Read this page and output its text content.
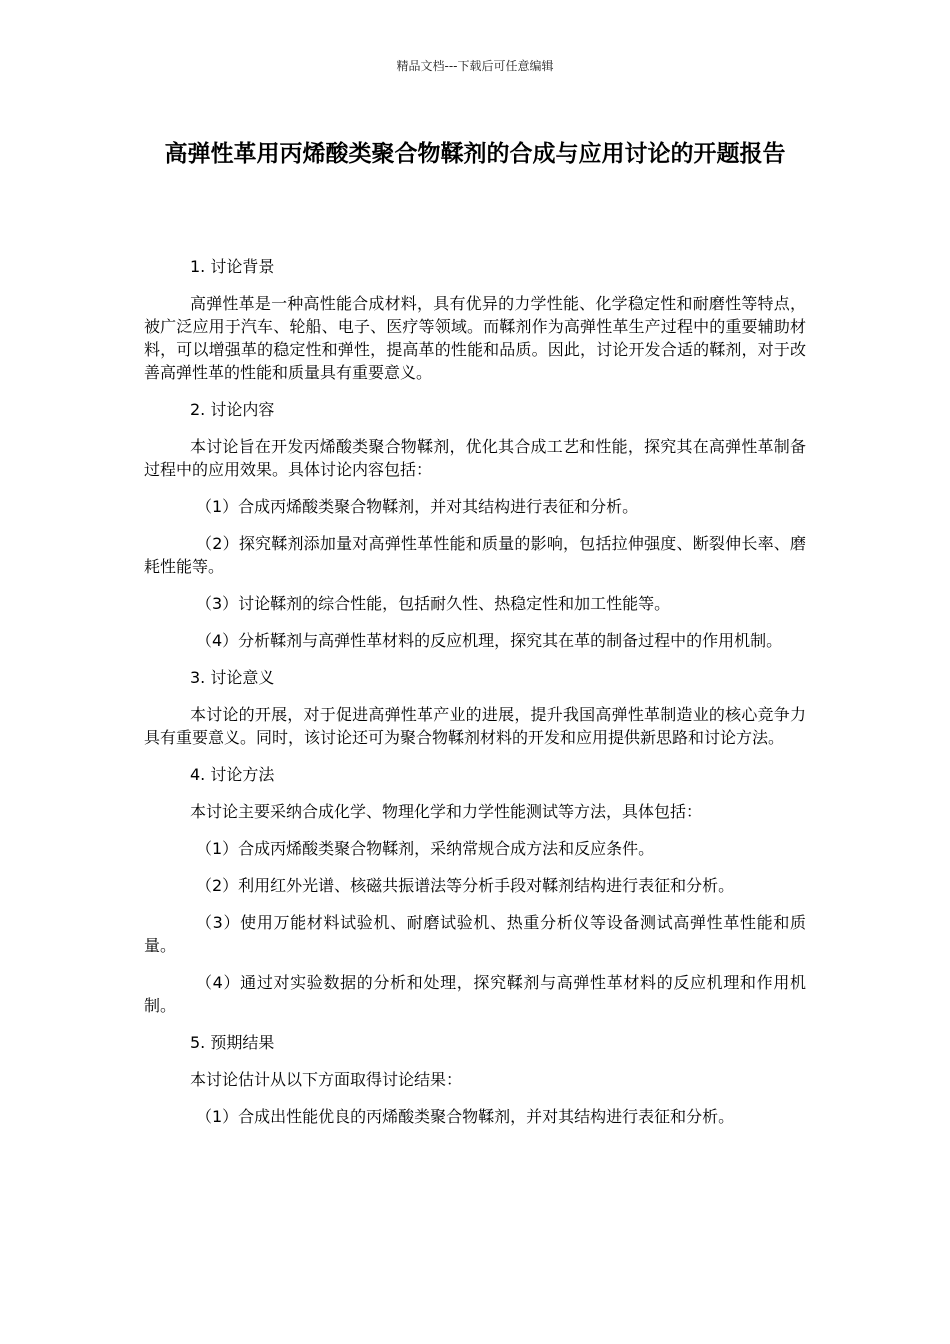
精品文档---下载后可任意编辑
高弹性革用丙烯酸类聚合物鞣剂的合成与应用讨论的开题报告

1. 讨论背景

高弹性革是一种高性能合成材料，具有优异的力学性能、化学稳定性和耐磨性等特点，被广泛应用于汽车、轮船、电子、医疗等领域。而鞣剂作为高弹性革生产过程中的重要辅助材料，可以增强革的稳定性和弹性，提高革的性能和品质。因此，讨论开发合适的鞣剂，对于改善高弹性革的性能和质量具有重要意义。

2. 讨论内容

本讨论旨在开发丙烯酸类聚合物鞣剂，优化其合成工艺和性能，探究其在高弹性革制备过程中的应用效果。具体讨论内容包括：

（1）合成丙烯酸类聚合物鞣剂，并对其结构进行表征和分析。

（2）探究鞣剂添加量对高弹性革性能和质量的影响，包括拉伸强度、断裂伸长率、磨耗性能等。

（3）讨论鞣剂的综合性能，包括耐久性、热稳定性和加工性能等。

（4）分析鞣剂与高弹性革材料的反应机理，探究其在革的制备过程中的作用机制。

3. 讨论意义

本讨论的开展，对于促进高弹性革产业的进展，提升我国高弹性革制造业的核心竞争力具有重要意义。同时，该讨论还可为聚合物鞣剂材料的开发和应用提供新思路和讨论方法。

4. 讨论方法

本讨论主要采纳合成化学、物理化学和力学性能测试等方法，具体包括：

（1）合成丙烯酸类聚合物鞣剂，采纳常规合成方法和反应条件。

（2）利用红外光谱、核磁共振谱法等分析手段对鞣剂结构进行表征和分析。

（3）使用万能材料试验机、耐磨试验机、热重分析仪等设备测试高弹性革性能和质量。

（4）通过对实验数据的分析和处理，探究鞣剂与高弹性革材料的反应机理和作用机制。

5. 预期结果

本讨论估计从以下方面取得讨论结果：

（1）合成出性能优良的丙烯酸类聚合物鞣剂，并对其结构进行表征和分析。
